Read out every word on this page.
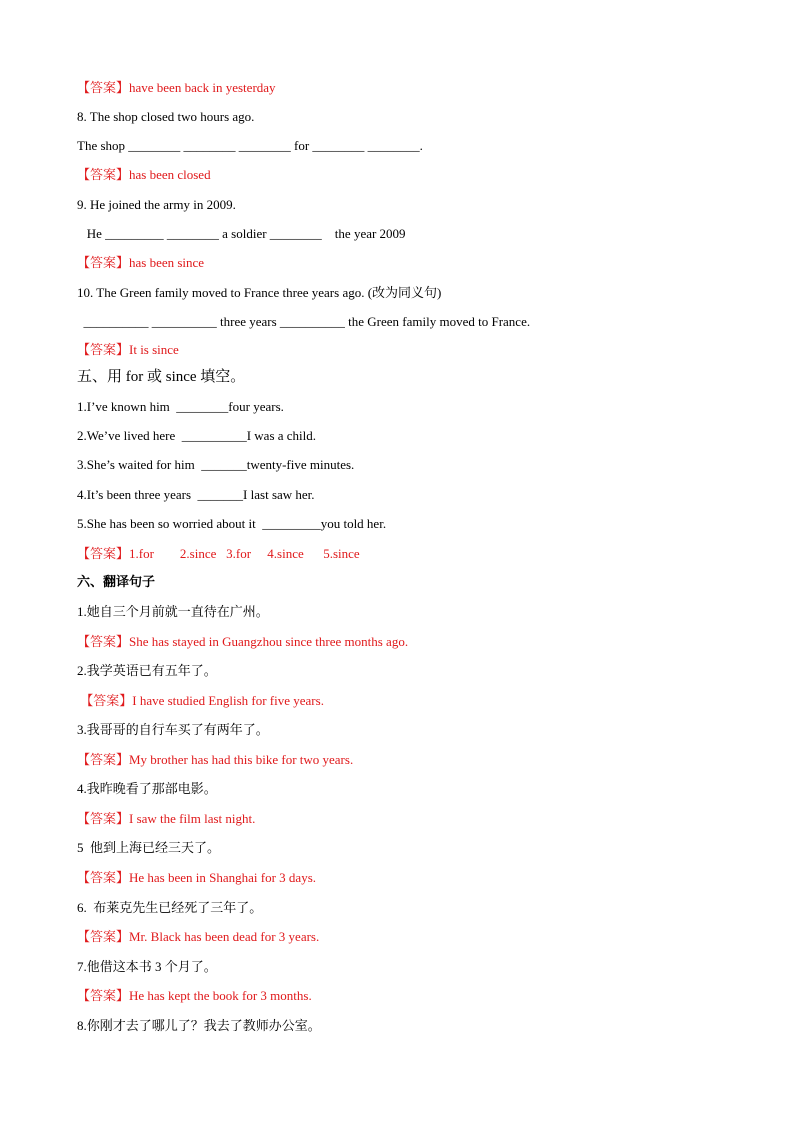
【答案】have been back in yesterday
8. The shop closed two hours ago.
The shop ________ ________ ________ for ________ ________.
【答案】has been closed
9. He joined the army in 2009.
He _________ ________ a soldier ________    the year 2009
【答案】has been since
10. The Green family moved to France three years ago. (改为同义句)
__________ __________ three years __________ the Green family moved to France.
【答案】It is since
五、用 for 或 since 填空。
1.I’ve known him  ________four years.
2.We’ve lived here  __________I was a child.
3.She’s waited for him  _______twenty-five minutes.
4.It’s been three years  _______I last saw her.
5.She has been so worried about it  _________you told her.
【答案】1.for        2.since   3.for     4.since      5.since
六、翻译句子
1.她自三个月前就一直待在广州。
【答案】She has stayed in Guangzhou since three months ago.
2.我学英语已有五年了。
【答案】I have studied English for five years.
3.我哥哥的自行车买了有两年了。
【答案】My brother has had this bike for two years.
4.我昨晚看了那部电影。
【答案】I saw the film last night.
5  他到上海已经三天了。
【答案】He has been in Shanghai for 3 days.
6.  布莱克先生已经死了三年了。
【答案】Mr. Black has been dead for 3 years.
7.他借这本书 3 个月了。
【答案】He has kept the book for 3 months.
8.你刚才去了哪儿了？我去了教师办公室。
